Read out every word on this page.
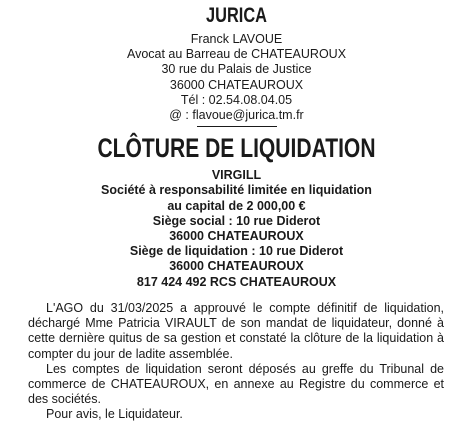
JURICA
Franck LAVOUE
Avocat au Barreau de CHATEAUROUX
30 rue du Palais de Justice
36000 CHATEAUROUX
Tél : 02.54.08.04.05
@ : flavoue@jurica.tm.fr
CLÔTURE DE LIQUIDATION
VIRGILL
Société à responsabilité limitée en liquidation
au capital de 2 000,00 €
Siège social : 10 rue Diderot
36000 CHATEAUROUX
Siège de liquidation : 10 rue Diderot
36000 CHATEAUROUX
817 424 492 RCS CHATEAUROUX

L'AGO du 31/03/2025 a approuvé le compte définitif de liquidation, déchargé Mme Patricia VIRAULT de son mandat de liquidateur, donné à cette dernière quitus de sa gestion et constaté la clôture de la liquidation à compter du jour de ladite assemblée.

Les comptes de liquidation seront déposés au greffe du Tribunal de commerce de CHATEAUROUX, en annexe au Registre du commerce et des sociétés.

Pour avis, le Liquidateur.
